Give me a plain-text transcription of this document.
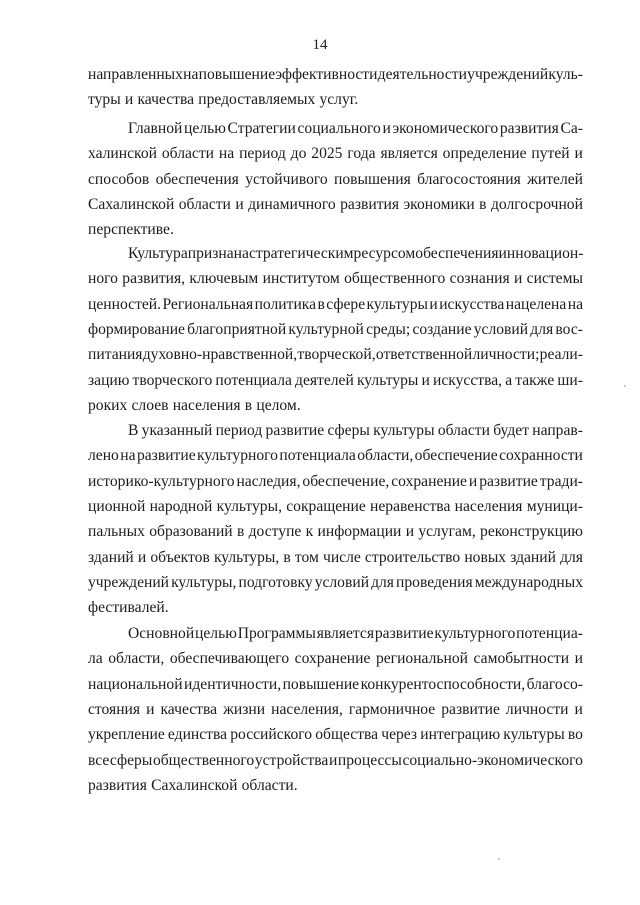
14
направленных на повышение эффективности деятельности учреждений куль-
туры и качества предоставляемых услуг.
Главной целью Стратегии социального и экономического развития Са-
халинской области на период до 2025 года является определение путей и
способов обеспечения устойчивого повышения благосостояния жителей
Сахалинской области и динамичного развития экономики в долгосрочной
перспективе.
Культура признана стратегическим ресурсом обеспечения инновацион-
ного развития, ключевым институтом общественного сознания и системы
ценностей. Региональная политика в сфере культуры и искусства нацелена на
формирование благоприятной культурной среды; создание условий для вос-
питания духовно-нравственной, творческой, ответственной личности; реали-
зацию творческого потенциала деятелей культуры и искусства, а также ши-
роких слоев населения в целом.
В указанный период развитие сферы культуры области будет направ-
лено на развитие культурного потенциала области, обеспечение сохранности
историко-культурного наследия, обеспечение, сохранение и развитие тради-
ционной народной культуры, сокращение неравенства населения муници-
пальных образований в доступе к информации и услугам, реконструкцию
зданий и объектов культуры, в том числе строительство новых зданий для
учреждений культуры, подготовку условий для проведения международных
фестивалей.
Основной целью Программы является развитие культурного потенциа-
ла области, обеспечивающего сохранение региональной самобытности и
национальной идентичности, повышение конкурентоспособности, благосо-
стояния и качества жизни населения, гармоничное развитие личности и
укрепление единства российского общества через интеграцию культуры во
все сферы общественного устройства и процессы социально-экономического
развития Сахалинской области.
